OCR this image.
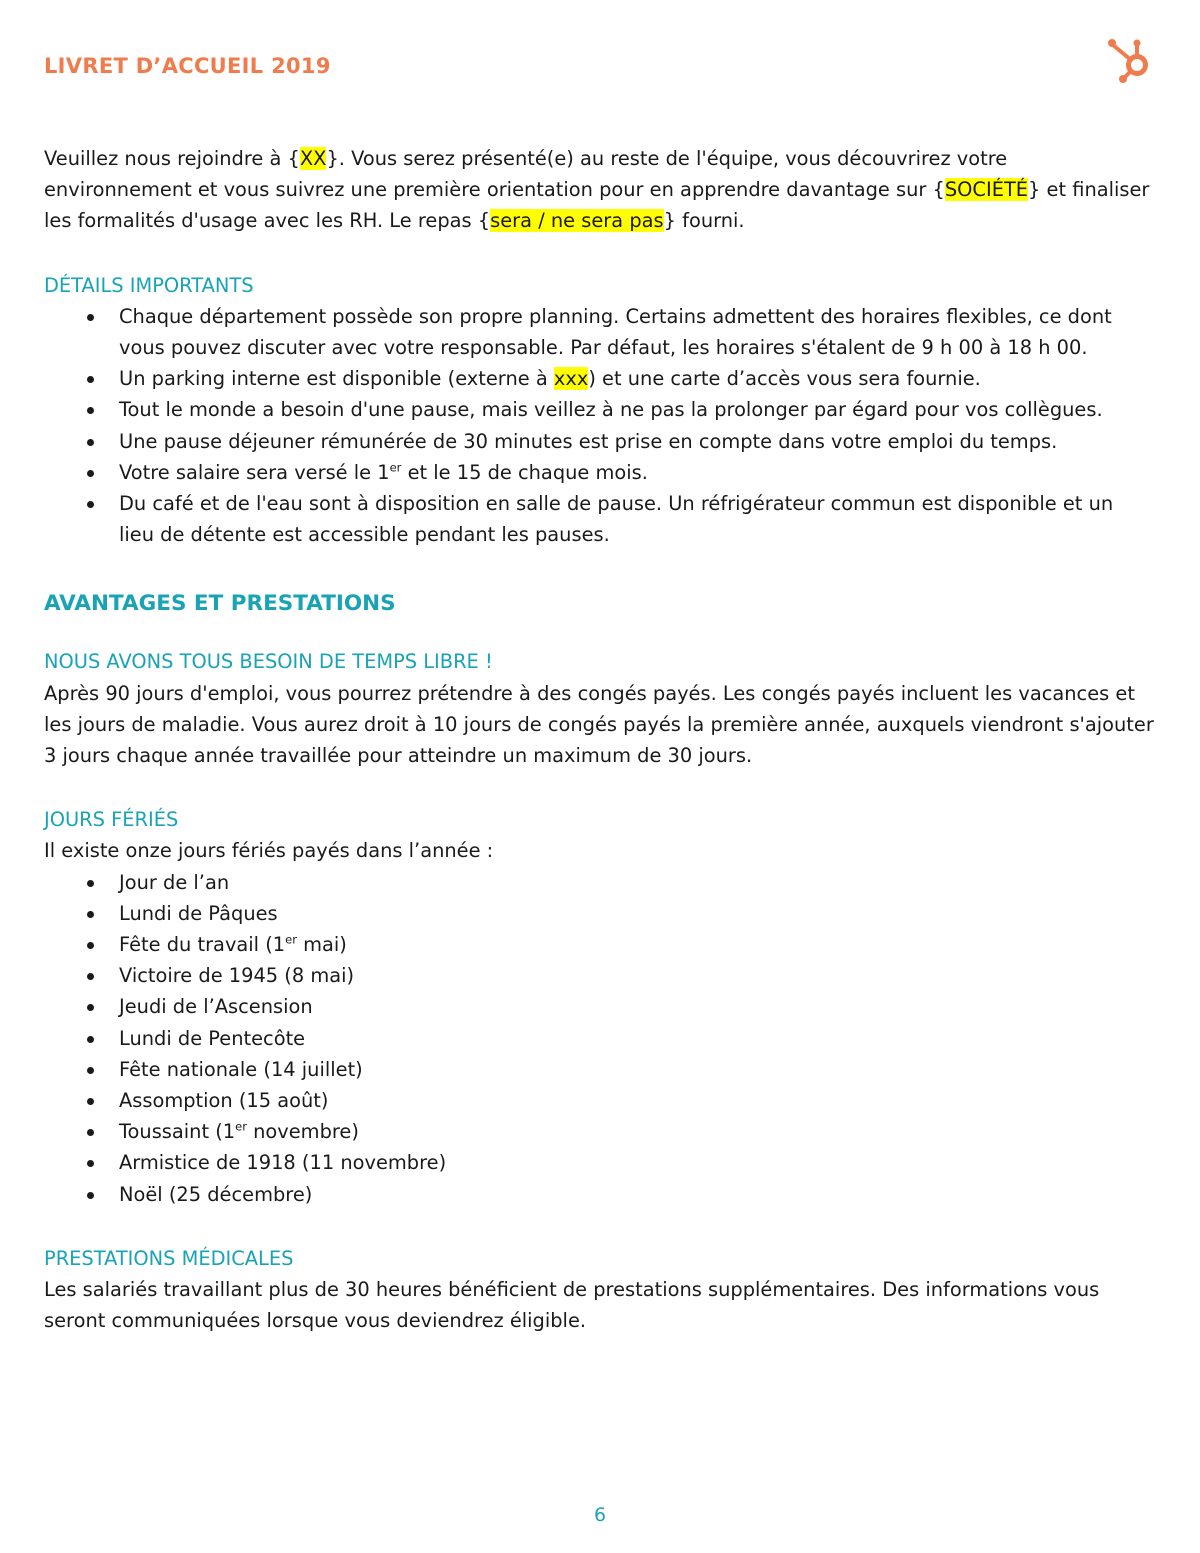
LIVRET D’ACCUEIL 2019

Veuillez nous rejoindre à {XX}. Vous serez présenté(e) au reste de l'équipe, vous découvrirez votre environnement et vous suivrez une première orientation pour en apprendre davantage sur {SOCIÉTÉ} et finaliser les formalités d'usage avec les RH. Le repas {sera / ne sera pas} fourni.

DÉTAILS IMPORTANTS
Chaque département possède son propre planning. Certains admettent des horaires flexibles, ce dont vous pouvez discuter avec votre responsable. Par défaut, les horaires s'étalent de 9 h 00 à 18 h 00.
Un parking interne est disponible (externe à xxx) et une carte d’accès vous sera fournie.
Tout le monde a besoin d'une pause, mais veillez à ne pas la prolonger par égard pour vos collègues.
Une pause déjeuner rémunérée de 30 minutes est prise en compte dans votre emploi du temps.
Votre salaire sera versé le 1er et le 15 de chaque mois.
Du café et de l'eau sont à disposition en salle de pause. Un réfrigérateur commun est disponible et un lieu de détente est accessible pendant les pauses.
AVANTAGES ET PRESTATIONS
NOUS AVONS TOUS BESOIN DE TEMPS LIBRE !

Après 90 jours d'emploi, vous pourrez prétendre à des congés payés. Les congés payés incluent les vacances et les jours de maladie. Vous aurez droit à 10 jours de congés payés la première année, auxquels viendront s'ajouter 3 jours chaque année travaillée pour atteindre un maximum de 30 jours.

JOURS FÉRIÉS

Il existe onze jours fériés payés dans l’année :

Jour de l’an
Lundi de Pâques
Fête du travail (1er mai)
Victoire de 1945 (8 mai)
Jeudi de l’Ascension
Lundi de Pentecôte
Fête nationale (14 juillet)
Assomption (15 août)
Toussaint (1er novembre)
Armistice de 1918 (11 novembre)
Noël (25 décembre)
PRESTATIONS MÉDICALES

Les salariés travaillant plus de 30 heures bénéficient de prestations supplémentaires. Des informations vous seront communiquées lorsque vous deviendrez éligible.

6
